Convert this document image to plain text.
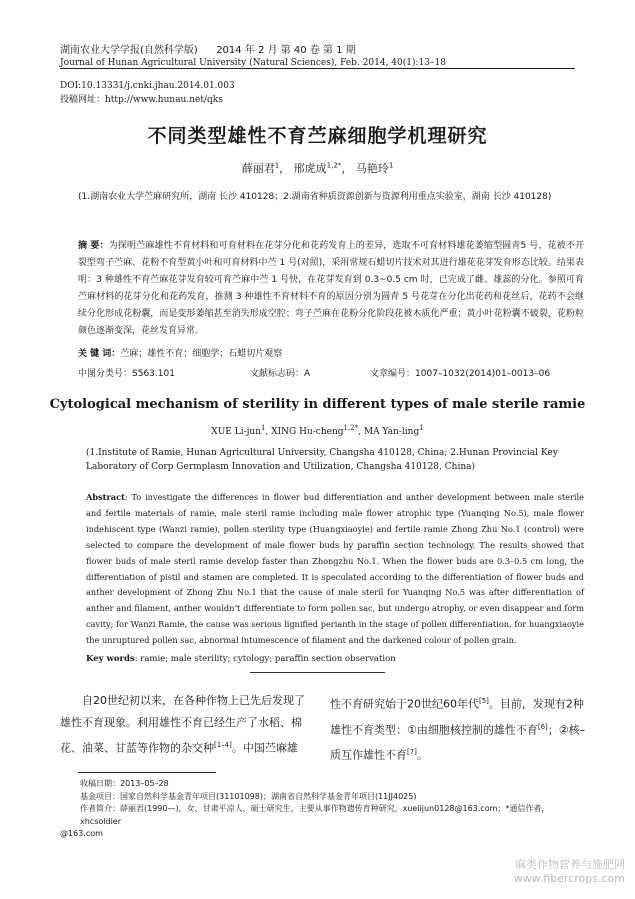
湖南农业大学学报(自然科学版) 2014 年 2 月 第 40 卷 第 1 期
Journal of Hunan Agricultural University (Natural Sciences), Feb. 2014, 40(1):13–18
DOI:10.13331/j.cnki.jhau.2014.01.003
投稿网址：http://www.hunau.net/qks
不同类型雄性不育苎麻细胞学机理研究
薛丽君$^1$， 邢虎成$^{1,2*}$， 马艳玲$^1$
(1.湖南农业大学苎麻研究所，湖南 长沙 410128；2.湖南省种质资源创新与资源利用重点实验室，湖南 长沙 410128)
摘 要：为探明苎麻雄性不育材料和可育材料在花芽分化和花药发育上的差异，选取不可育材料雄花萎缩型圆青5 号、花被不开裂型弯子苎麻、花粉不育型黄小叶和可育材料中苎 1 号(对照)，采用常规石蜡切片技术对其进行雄花花芽发育形态比较。结果表明：3 种雄性不育苎麻花芽发育较可育苎麻中苎 1 号快，在花芽发育到 0.3~0.5 cm 时，已完成了雌、雄蕊的分化。参照可育苎麻材料的花芽分化和花药发育，推测 3 种雄性不育材料不育的原因分别为圆青 5 号花芽在分化出花药和花丝后，花药不会继续分化形成花粉囊，而是变形萎缩甚至消失形成空腔；弯子苎麻在花粉分化阶段花被木质化严重；黄小叶花粉囊不破裂，花粉粒颜色逐渐变深，花丝发育异常。
关 键 词：苎麻；雄性不育；细胞学；石蜡切片观察
中图分类号：S563.101	文献标志码：A	文章编号：1007–1032(2014)01–0013–06
Cytological mechanism of sterility in different types of male sterile ramie
XUE Li-jun$^1$, XING Hu-cheng$^{1,2*}$, MA Yan-ling$^1$
(1.Institute of Ramie, Hunan Agricultural University, Changsha 410128, China; 2.Hunan Provincial Key Laboratory of Corp Germplasm Innovation and Utilization, Changsha 410128, China)
Abstract: To investigate the differences in flower bud differentiation and anther development between male sterile and fertile materials of ramie, male steril ramie including male flower atrophic type (Yuanqing No.5), male flower indehiscent type (Wanzi ramie), pollen sterility type (Huangxiaoyie) and fertile ramie Zhong Zhu No.1 (control) were selected to compare the development of male flower buds by paraffin section technology. The results showed that flower buds of male steril ramie develop faster than Zhongzhu No.1. When the flower buds are 0.3–0.5 cm long, the differentiation of pistil and stamen are completed. It is speculated according to the differentiation of flower buds and anther development of Zhong Zhu No.1 that the cause of male steril for Yuanqing No.5 was after differentiation of anther and filament, anther wouldn’t differentiate to form pollen sac, but undergo atrophy, or even disappear and form cavity; for Wanzi Ramie, the cause was serious lignified perianth in the stage of pollen differentiation, for huangxiaoyie the unruptured pollen sac, abnormal intumescence of filament and the darkened colour of pollen grain.
Key words: ramie; male sterility; cytology; paraffin section observation
自20世纪初以来，在各种作物上已先后发现了雄性不育现象。利用雄性不育已经生产了水稻、棉花、油菜、甘蓝等作物的杂交种[1–4]。中国苎麻雄
性不育研究始于20世纪60年代[5]。目前，发现有2种雄性不育类型：①由细胞核控制的雄性不育[6]；②核–质互作雄性不育[7]。
收稿日期：2013–05–28
基金项目：国家自然科学基金青年项目(31101098)；湖南省自然科学基金青年项目(11JJ4025)
作者简介：薛丽君(1990—)，女，甘肃平凉人，硕士研究生，主要从事作物遗传育种研究，xuelijun0128@163.com；*通信作者，xhcsoldier
@163.com
麻类作物营养与施肥网
www.fibercrops.com
